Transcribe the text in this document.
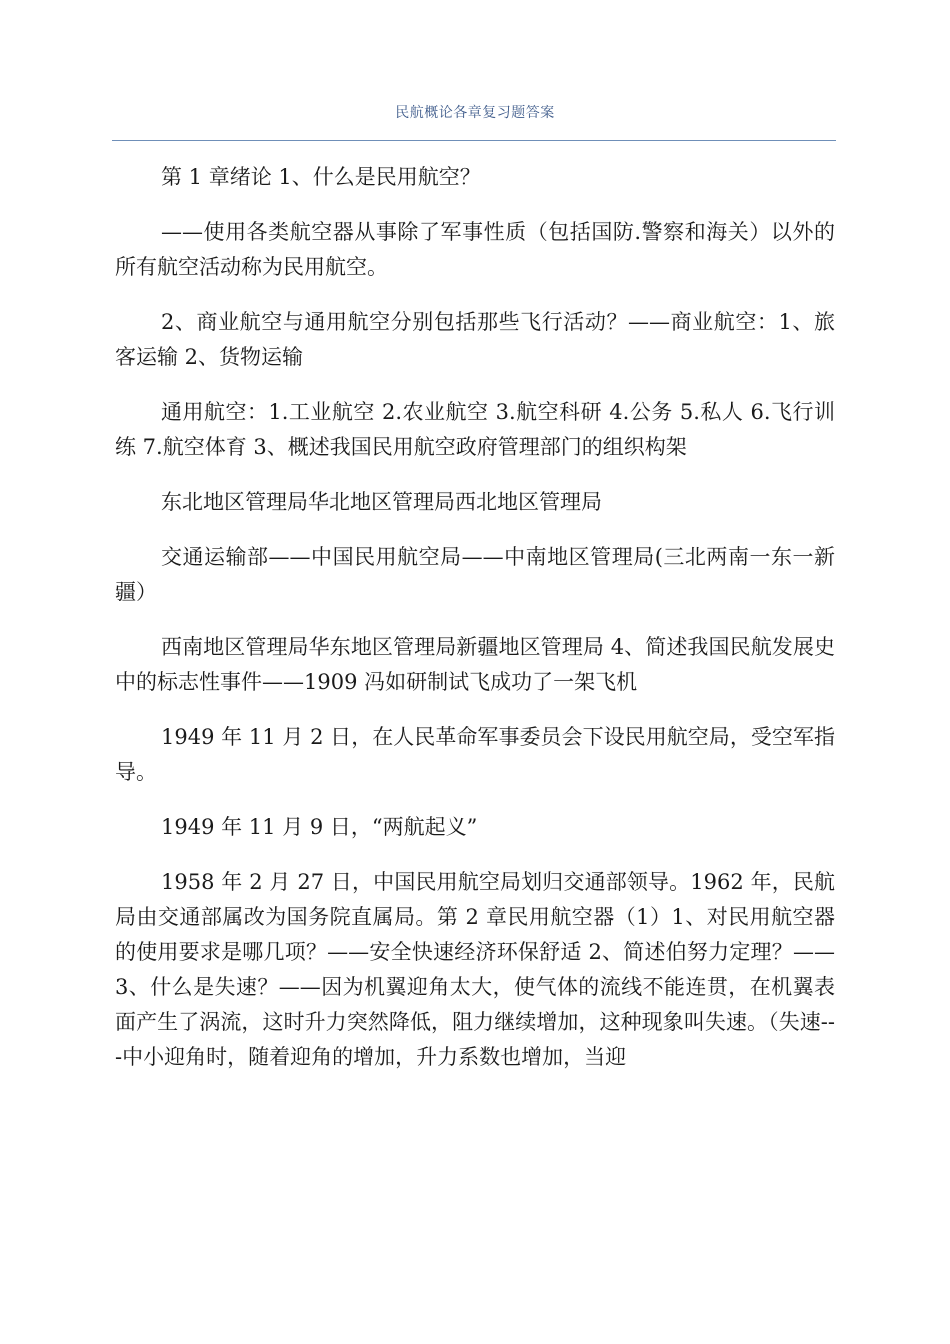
民航概论各章复习题答案

第 1 章绪论 1、什么是民用航空？

——使用各类航空器从事除了军事性质（包括国防.警察和海关）以外的所有航空活动称为民用航空。

2、商业航空与通用航空分别包括那些飞行活动？——商业航空：1、旅客运输 2、货物运输

通用航空：1.工业航空 2.农业航空 3.航空科研 4.公务 5.私人 6.飞行训练 7.航空体育 3、概述我国民用航空政府管理部门的组织构架

东北地区管理局华北地区管理局西北地区管理局

交通运输部——中国民用航空局——中南地区管理局(三北两南一东一新疆）

西南地区管理局华东地区管理局新疆地区管理局 4、简述我国民航发展史中的标志性事件——1909 冯如研制试飞成功了一架飞机

1949 年 11 月 2 日，在人民革命军事委员会下设民用航空局，受空军指导。

1949 年 11 月 9 日，“两航起义”

1958 年 2 月 27 日，中国民用航空局划归交通部领导。1962 年，民航局由交通部属改为国务院直属局。第 2 章民用航空器（1）1、对民用航空器的使用要求是哪几项？——安全快速经济环保舒适 2、简述伯努力定理？——3、什么是失速？——因为机翼迎角太大，使气体的流线不能连贯，在机翼表面产生了涡流，这时升力突然降低，阻力继续增加，这种现象叫失速。（失速---中小迎角时，随着迎角的增加，升力系数也增加，当迎
